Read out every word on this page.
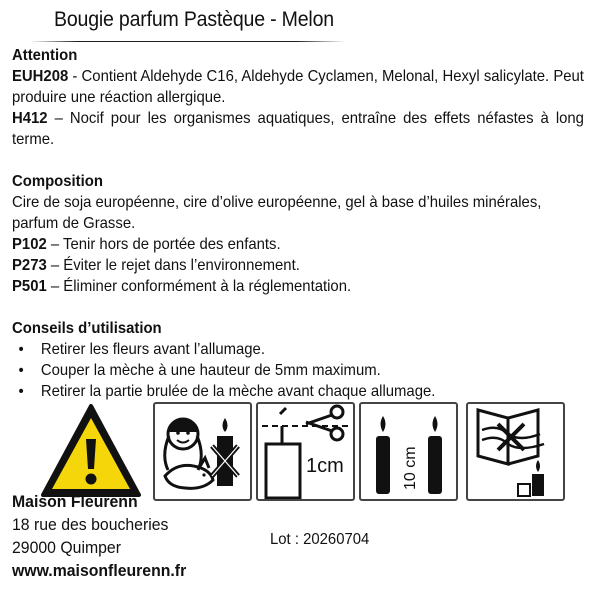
Bougie parfum Pastèque - Melon

Attention

EUH208 - Contient Aldehyde C16, Aldehyde Cyclamen, Melonal, Hexyl salicylate. Peut produire une réaction allergique.

H412 – Nocif pour les organismes aquatiques, entraîne des effets néfastes à long terme.

Composition

Cire de soja européenne, cire d’olive européenne, gel à base d’huiles minérales, parfum de Grasse.

P102 – Tenir hors de portée des enfants.

P273 – Éviter le rejet dans l’environnement.

P501 – Éliminer conformément à la réglementation.

Conseils d’utilisation

• Retirer les fleurs avant l’allumage.
• Couper la mèche à une hauteur de 5mm maximum.
• Retirer la partie brulée de la mèche avant chaque allumage.
1cm	10 cm
Maison Fleurenn
18 rue des boucheries
29000 Quimper
www.maisonfleurenn.fr
Lot : 20260704
